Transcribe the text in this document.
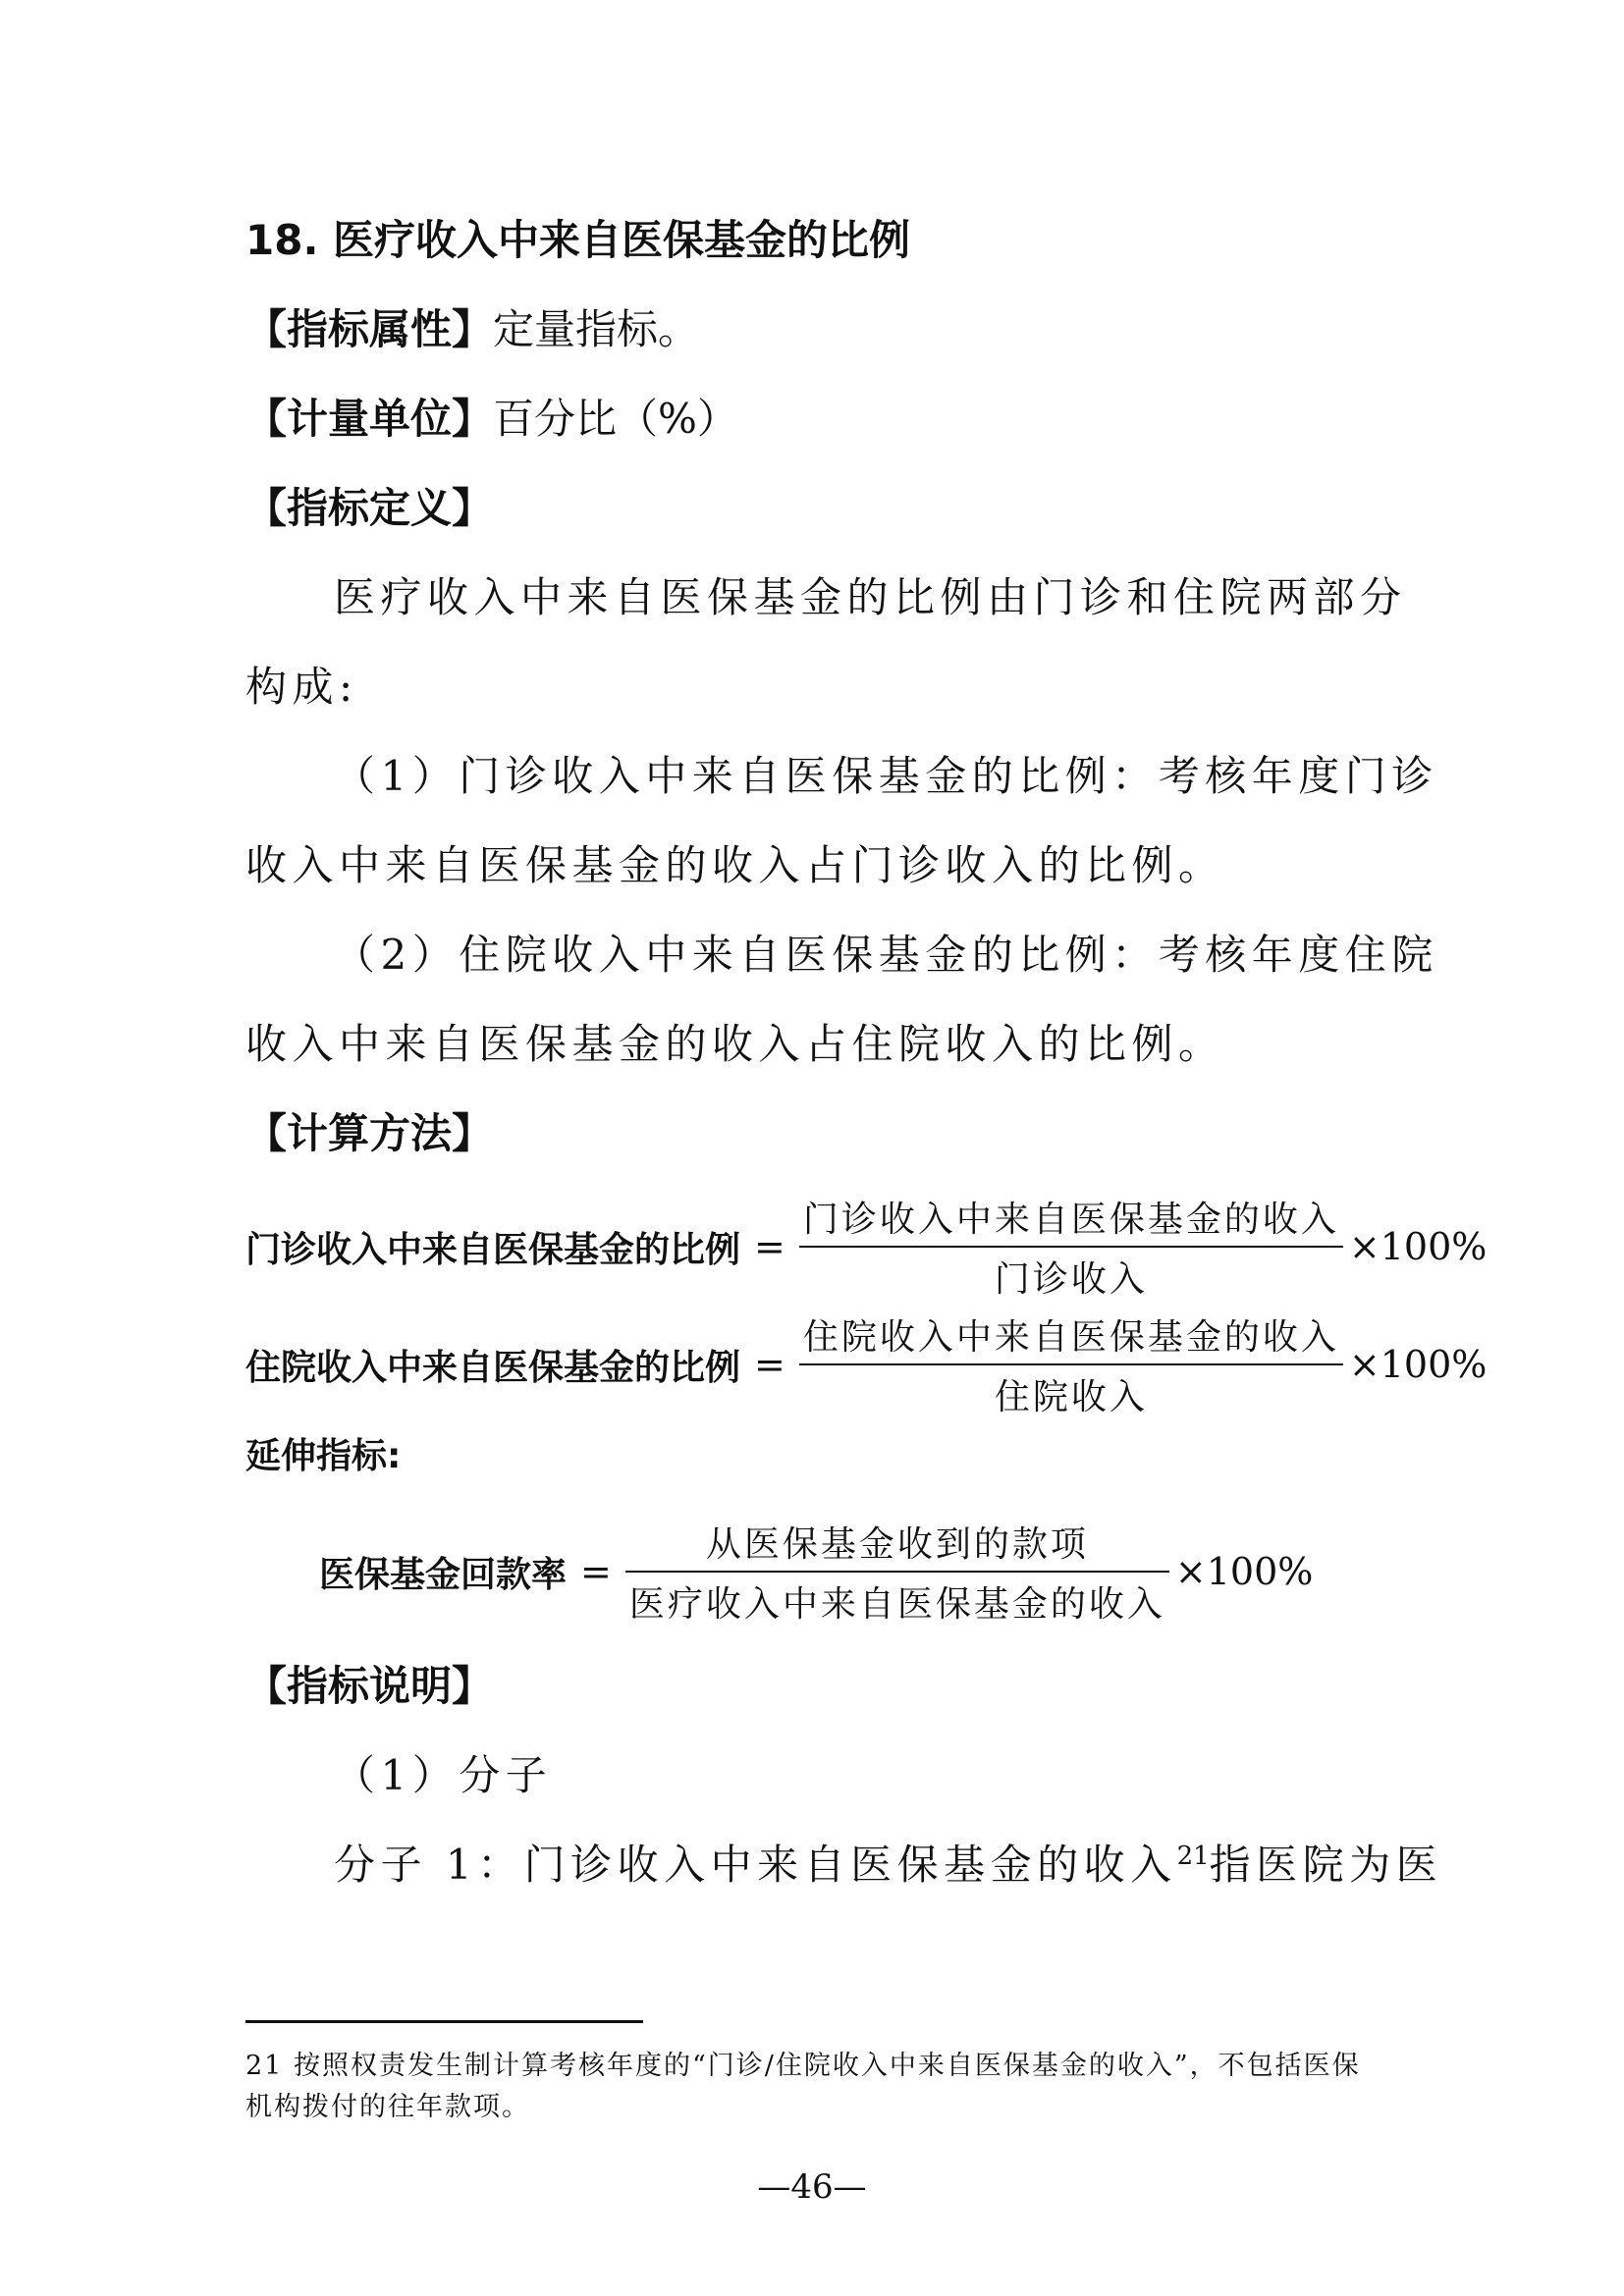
18. 医疗收入中来自医保基金的比例
【指标属性】定量指标。
【计量单位】百分比（%）
【指标定义】
医疗收入中来自医保基金的比例由门诊和住院两部分
构成:
（1）门诊收入中来自医保基金的比例：考核年度门诊
收入中来自医保基金的收入占门诊收入的比例。
（2）住院收入中来自医保基金的比例：考核年度住院
收入中来自医保基金的收入占住院收入的比例。
【计算方法】
门诊收入中来自医保基金的比例 = $\frac{\text{门诊收入中来自医保基金的收入}}{\text{门诊收入}} \times 100\%$
住院收入中来自医保基金的比例 = $\frac{\text{住院收入中来自医保基金的收入}}{\text{住院收入}} \times 100\%$
延伸指标:
医保基金回款率 = $\frac{\text{从医保基金收到的款项}}{\text{医疗收入中来自医保基金的收入}} \times 100\%$
【指标说明】
（1）分子
分子 1：门诊收入中来自医保基金的收入$^{21}$指医院为医
21 按照权责发生制计算考核年度的“门诊/住院收入中来自医保基金的收入”，不包括医保
机构拨付的往年款项。
—46—
